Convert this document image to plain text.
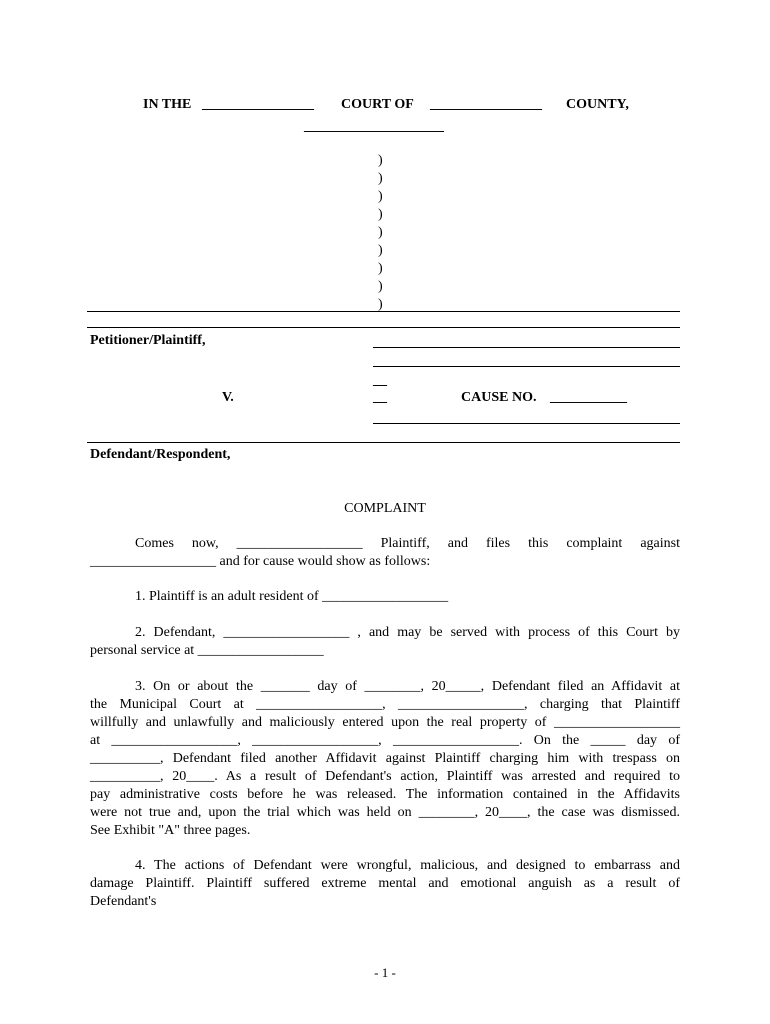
IN THE ________________ COURT OF ________________ COUNTY,
____________________
)
)
)
)
)
)
)
)
)
Petitioner/Plaintiff,
__
V.	__	CAUSE NO. ___________
Defendant/Respondent,
COMPLAINT
Comes now, __________________ Plaintiff, and files this complaint against
__________________ and for cause would show as follows:
1. Plaintiff is an adult resident of __________________
2. Defendant, __________________ , and may be served with process of this Court by
personal service at __________________
3. On or about the _______ day of ________, 20_____, Defendant filed an Affidavit at
the Municipal Court at __________________, __________________, charging that Plaintiff
willfully and unlawfully and maliciously entered upon the real property of __________________
at __________________, __________________, __________________. On the _____ day of
__________, Defendant filed another Affidavit against Plaintiff charging him with trespass on
__________, 20____. As a result of Defendant's action, Plaintiff was arrested and required to
pay administrative costs before he was released. The information contained in the Affidavits
were not true and, upon the trial which was held on ________, 20____, the case was dismissed.
See Exhibit "A" three pages.
4. The actions of Defendant were wrongful, malicious, and designed to embarrass and
damage Plaintiff. Plaintiff suffered extreme mental and emotional anguish as a result of
Defendant's
- 1 -
